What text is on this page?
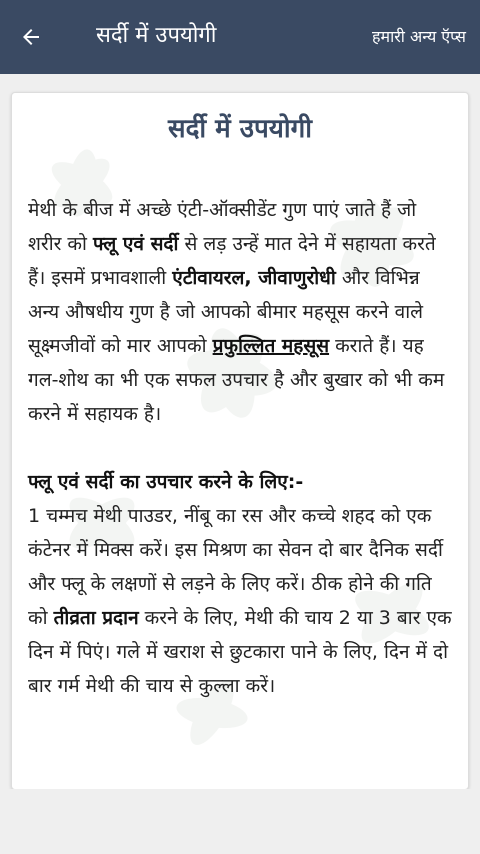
सर्दी में उपयोगी	हमारी अन्य ऍप्स
सर्दी में उपयोगी

मेथी के बीज में अच्छे एंटी-ऑक्सीडेंट गुण पाएं जाते हैं जो शरीर को फ्लू एवं सर्दी से लड़ उन्हें मात देने में सहायता करते हैं। इसमें प्रभावशाली एंटीवायरल, जीवाणुरोधी और विभिन्न अन्य औषधीय गुण है जो आपको बीमार महसूस करने वाले सूक्ष्मजीवों को मार आपको प्रफुल्लित महसूस कराते हैं। यह गल-शोथ का भी एक सफल उपचार है और बुखार को भी कम करने में सहायक है।

फ्लू एवं सर्दी का उपचार करने के लिए:-

1 चम्मच मेथी पाउडर, नींबू का रस और कच्चे शहद को एक कंटेनर में मिक्स करें। इस मिश्रण का सेवन दो बार दैनिक सर्दी और फ्लू के लक्षणों से लड़ने के लिए करें। ठीक होने की गति को तीव्रता प्रदान करने के लिए, मेथी की चाय 2 या 3 बार एक दिन में पिएं। गले में खराश से छुटकारा पाने के लिए, दिन में दो बार गर्म मेथी की चाय से कुल्ला करें।
